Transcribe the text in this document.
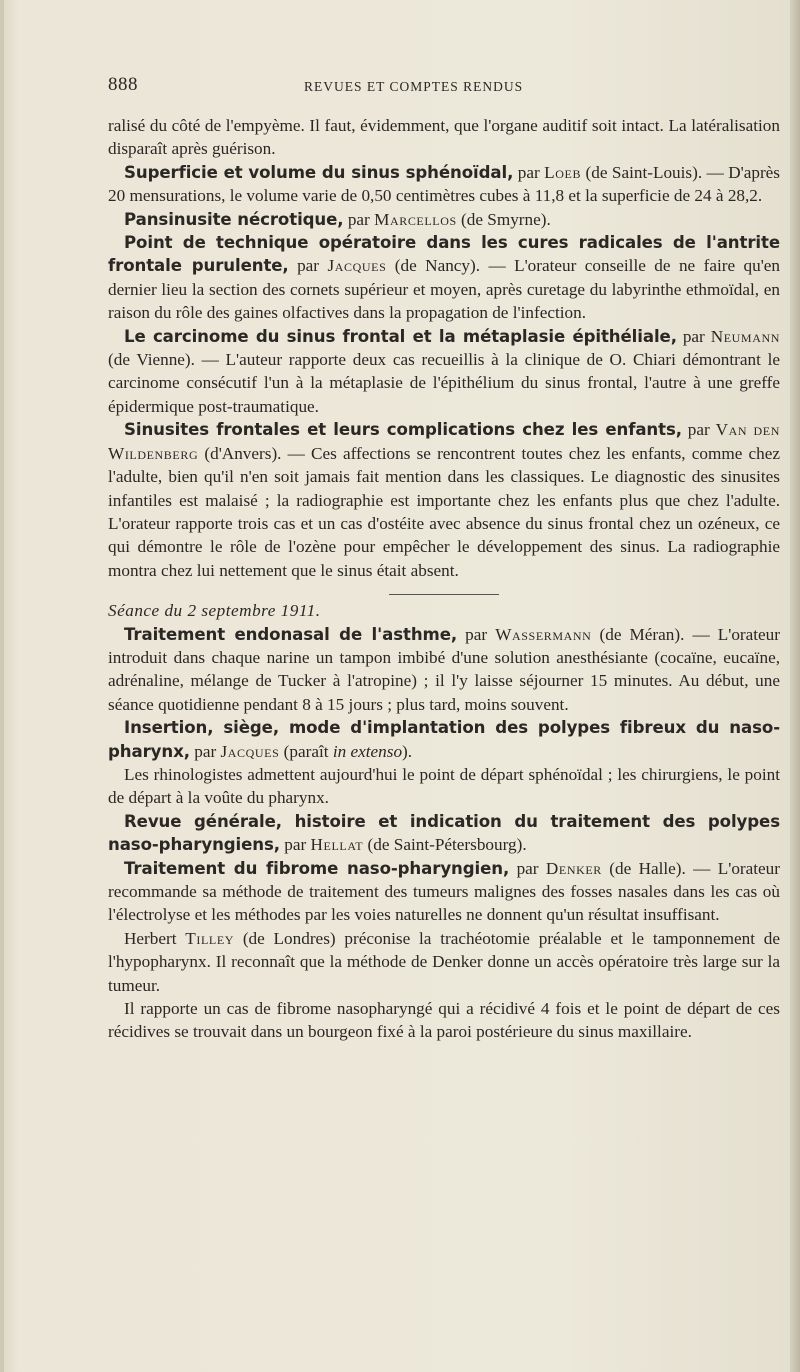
888	REVUES ET COMPTES RENDUS

ralisé du côté de l'empyème. Il faut, évidemment, que l'organe auditif soit intact. La latéralisation disparaît après guérison.

Superficie et volume du sinus sphénoïdal, par Loeb (de Saint-Louis). — D'après 20 mensurations, le volume varie de 0,50 centimètres cubes à 11,8 et la superficie de 24 à 28,2.

Pansinusite nécrotique, par Marcellos (de Smyrne).

Point de technique opératoire dans les cures radicales de l'antrite frontale purulente, par Jacques (de Nancy). — L'orateur conseille de ne faire qu'en dernier lieu la section des cornets supérieur et moyen, après curetage du labyrinthe ethmoïdal, en raison du rôle des gaines olfactives dans la propagation de l'infection.

Le carcinome du sinus frontal et la métaplasie épithéliale, par Neumann (de Vienne). — L'auteur rapporte deux cas recueillis à la clinique de O. Chiari démontrant le carcinome consécutif l'un à la métaplasie de l'épithélium du sinus frontal, l'autre à une greffe épidermique post-traumatique.

Sinusites frontales et leurs complications chez les enfants, par Van den Wildenberg (d'Anvers). — Ces affections se rencontrent toutes chez les enfants, comme chez l'adulte, bien qu'il n'en soit jamais fait mention dans les classiques. Le diagnostic des sinusites infantiles est malaisé ; la radiographie est importante chez les enfants plus que chez l'adulte. L'orateur rapporte trois cas et un cas d'ostéite avec absence du sinus frontal chez un ozéneux, ce qui démontre le rôle de l'ozène pour empêcher le développement des sinus. La radiographie montra chez lui nettement que le sinus était absent.

Séance du 2 septembre 1911.

Traitement endonasal de l'asthme, par Wassermann (de Méran). — L'orateur introduit dans chaque narine un tampon imbibé d'une solution anesthésiante (cocaïne, eucaïne, adrénaline, mélange de Tucker à l'atropine) ; il l'y laisse séjourner 15 minutes. Au début, une séance quotidienne pendant 8 à 15 jours ; plus tard, moins souvent.

Insertion, siège, mode d'implantation des polypes fibreux du naso-pharynx, par Jacques (paraît in extenso).

Les rhinologistes admettent aujourd'hui le point de départ sphénoïdal ; les chirurgiens, le point de départ à la voûte du pharynx.

Revue générale, histoire et indication du traitement des polypes naso-pharyngiens, par Hellat (de Saint-Pétersbourg).

Traitement du fibrome naso-pharyngien, par Denker (de Halle). — L'orateur recommande sa méthode de traitement des tumeurs malignes des fosses nasales dans les cas où l'électrolyse et les méthodes par les voies naturelles ne donnent qu'un résultat insuffisant.

Herbert Tilley (de Londres) préconise la trachéotomie préalable et le tamponnement de l'hypopharynx. Il reconnaît que la méthode de Denker donne un accès opératoire très large sur la tumeur.

Il rapporte un cas de fibrome nasopharyngé qui a récidivé 4 fois et le point de départ de ces récidives se trouvait dans un bourgeon fixé à la paroi postérieure du sinus maxillaire.
